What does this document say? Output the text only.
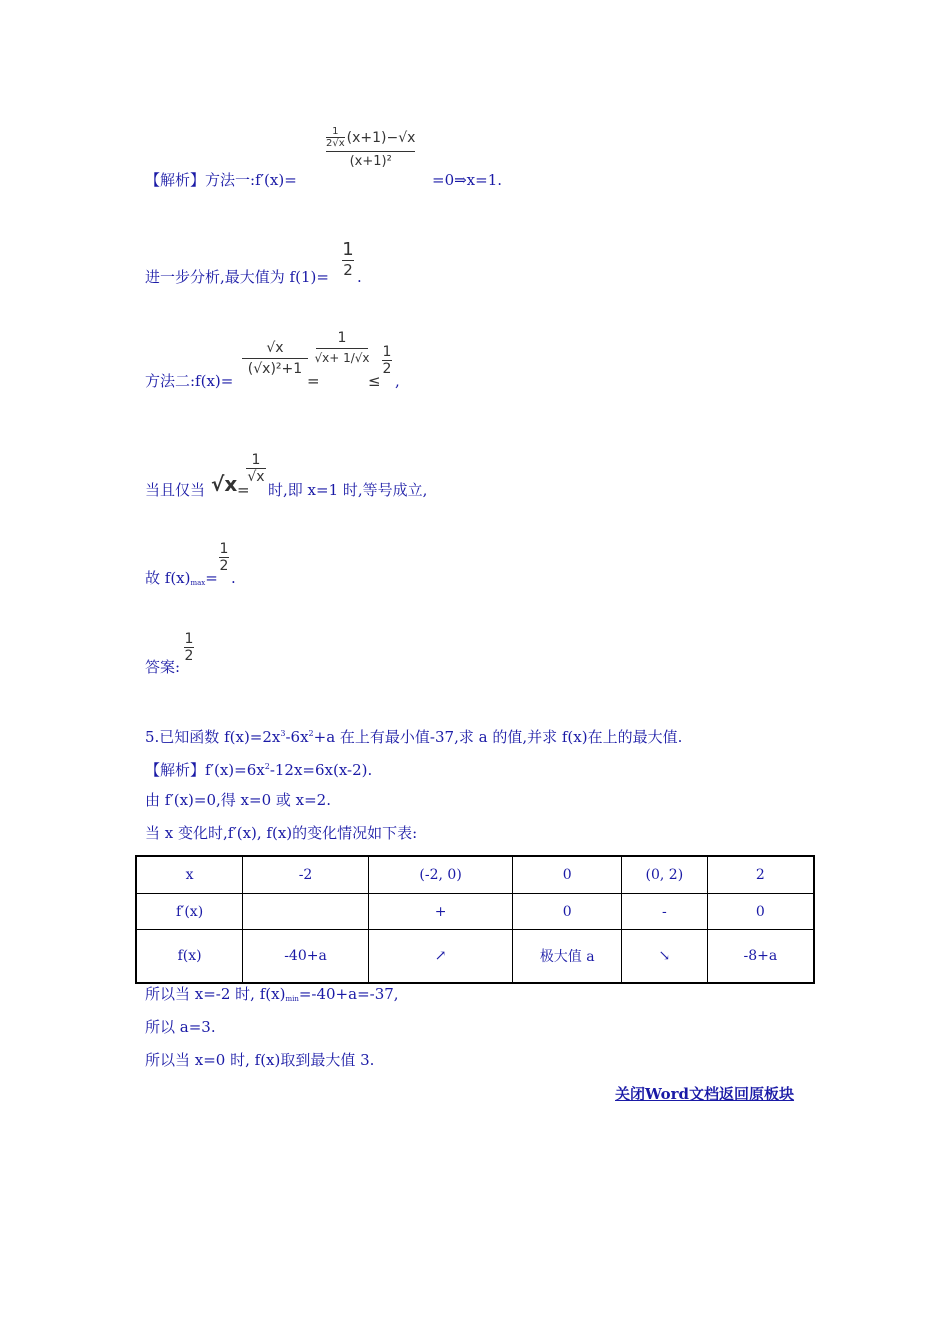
【解析】方法一:f′(x)=
1
2√x (x+1)−√x
(x+1)²
=0⇒x=1.
进一步分析,最大值为 f(1)=
1
2 .
方法二:f(x)=
√x
(√x)²+1
=
1
√x+ 1/√x
≤
1
2
,
当且仅当 √x =
1
√x
时,即 x=1 时,等号成立,
故 $f(x)_{max}=$
1
2
.
答案:
1
2
5.已知函数 $f(x)=2x^3-6x^2+a$ 在上有最小值-37,求 a 的值,并求 f(x)在上的最大值.
【解析】$f'(x)=6x^2-12x=6x(x-2)$.
由 f′(x)=0,得 x=0 或 x=2.
当 x 变化时,f′(x), f(x)的变化情况如下表:
x	-2	(-2, 0)	0	(0, 2)	2
f′(x)		+	0	-	0
f(x)	-40+a	↗	极大值 a	↘	-8+a
所以当 x=-2 时, $f(x)_{min}=-40+a=-37$,
所以 a=3.
所以当 x=0 时, f(x)取到最大值 3.
关闭Word文档返回原板块
